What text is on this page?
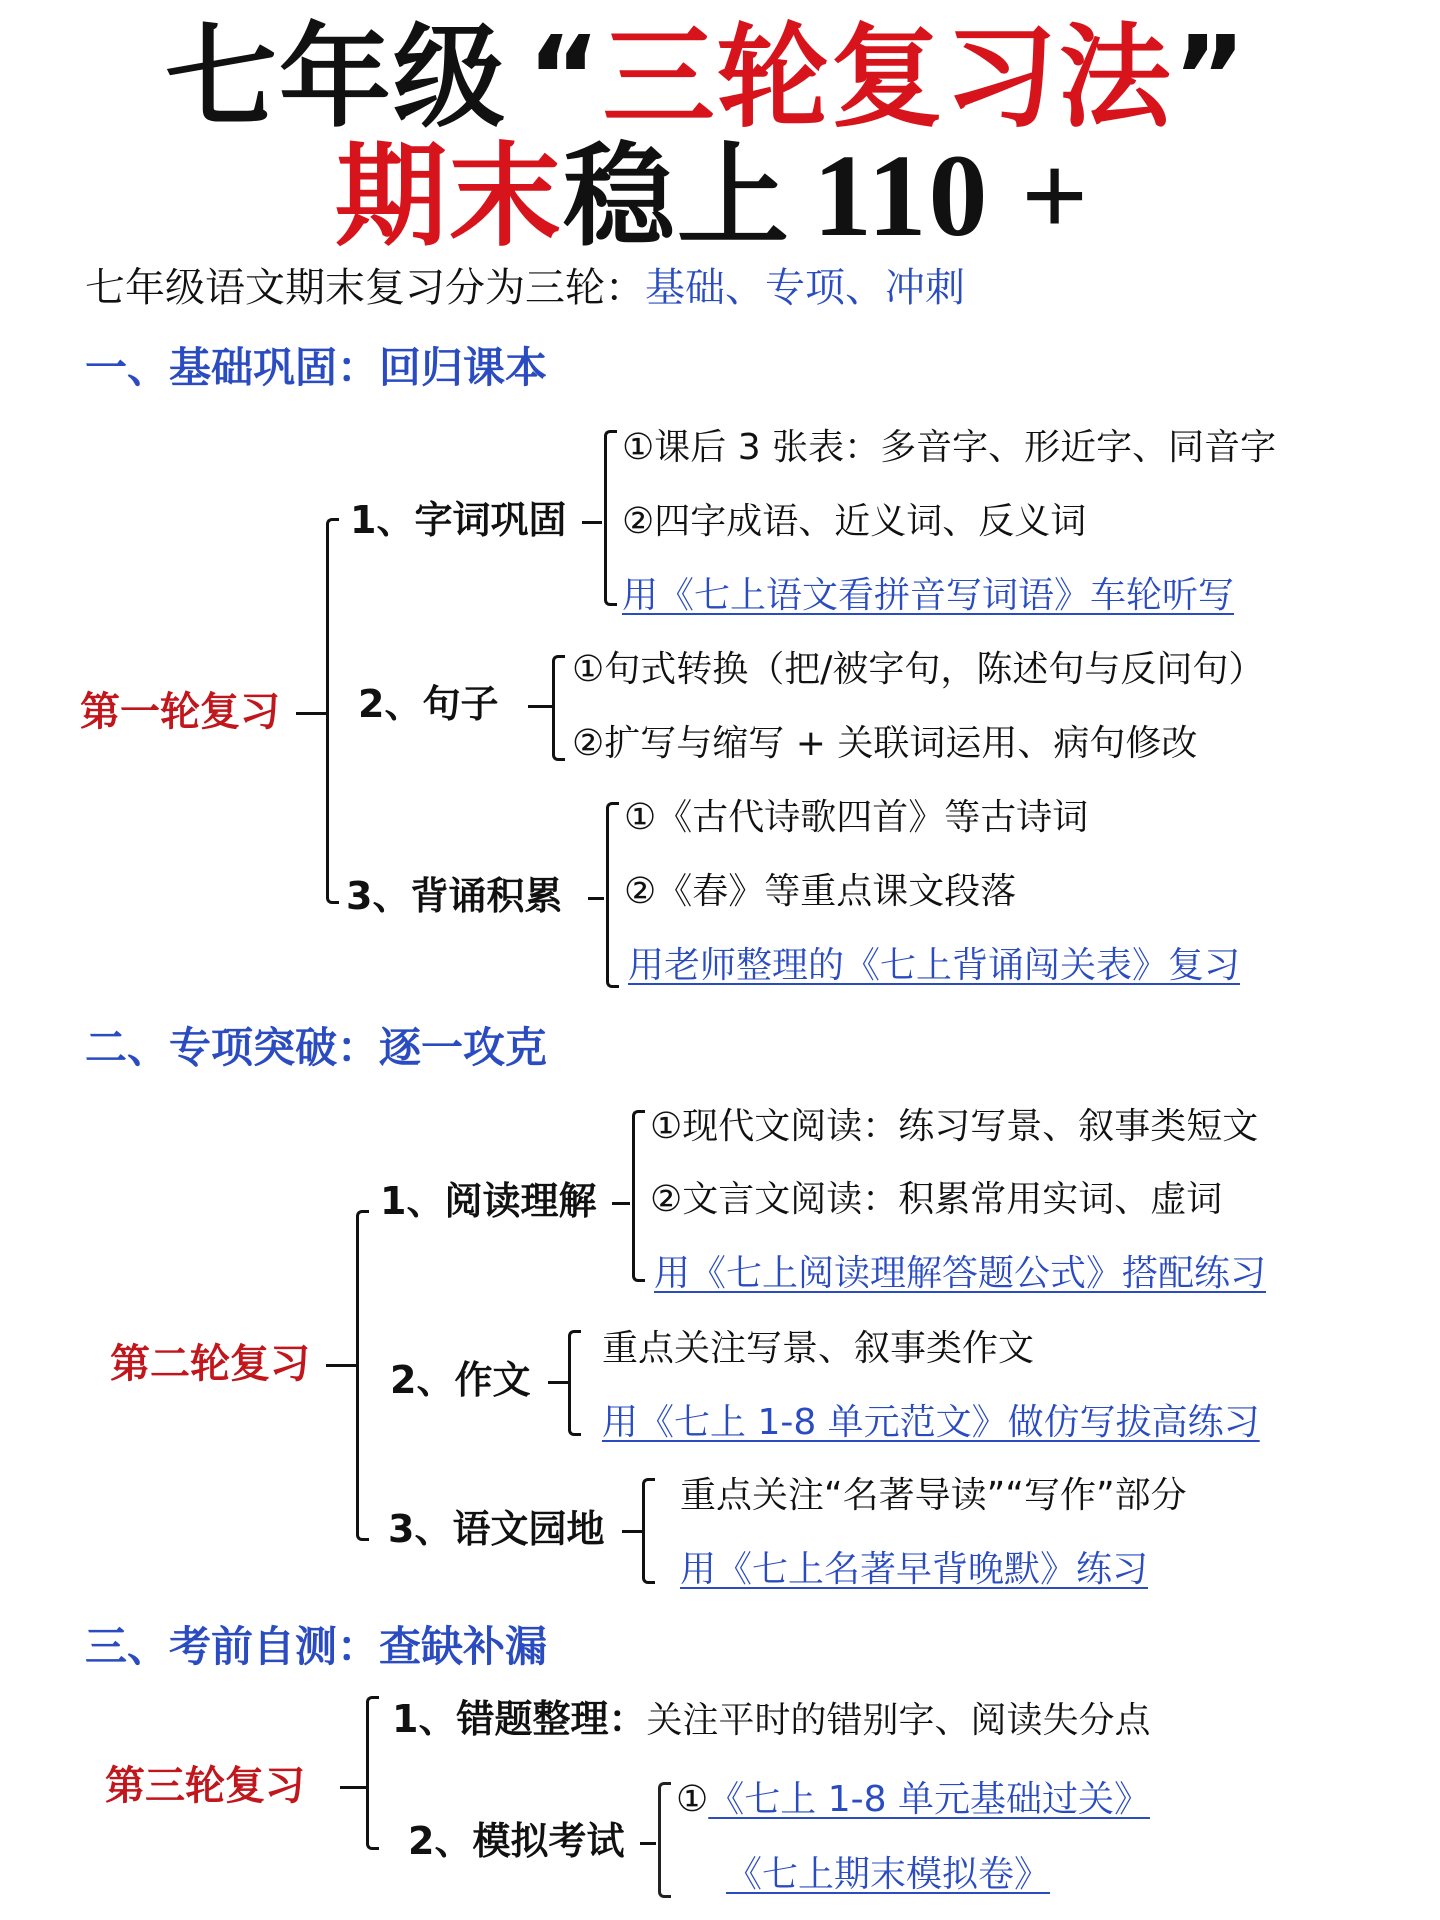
七年级 “三轮复习法”
期末稳上 110 +
七年级语文期末复习分为三轮：基础、专项、冲刺
一、基础巩固：回归课本
第一轮复习
1、字词巩固
①课后 3 张表：多音字、形近字、同音字
②四字成语、近义词、反义词
用《七上语文看拼音写词语》车轮听写
2、句子
①句式转换（把/被字句，陈述句与反问句）
②扩写与缩写 + 关联词运用、病句修改
3、背诵积累
①《古代诗歌四首》等古诗词
②《春》等重点课文段落
用老师整理的《七上背诵闯关表》复习
二、专项突破：逐一攻克
第二轮复习
1、阅读理解
①现代文阅读：练习写景、叙事类短文
②文言文阅读：积累常用实词、虚词
用《七上阅读理解答题公式》搭配练习
2、作文
重点关注写景、叙事类作文
用《七上 1-8 单元范文》做仿写拔高练习
3、语文园地
重点关注“名著导读”“写作”部分
用《七上名著早背晚默》练习
三、考前自测：查缺补漏
第三轮复习
1、错题整理：关注平时的错别字、阅读失分点
2、模拟考试
①《七上 1-8 单元基础过关》
《七上期末模拟卷》
